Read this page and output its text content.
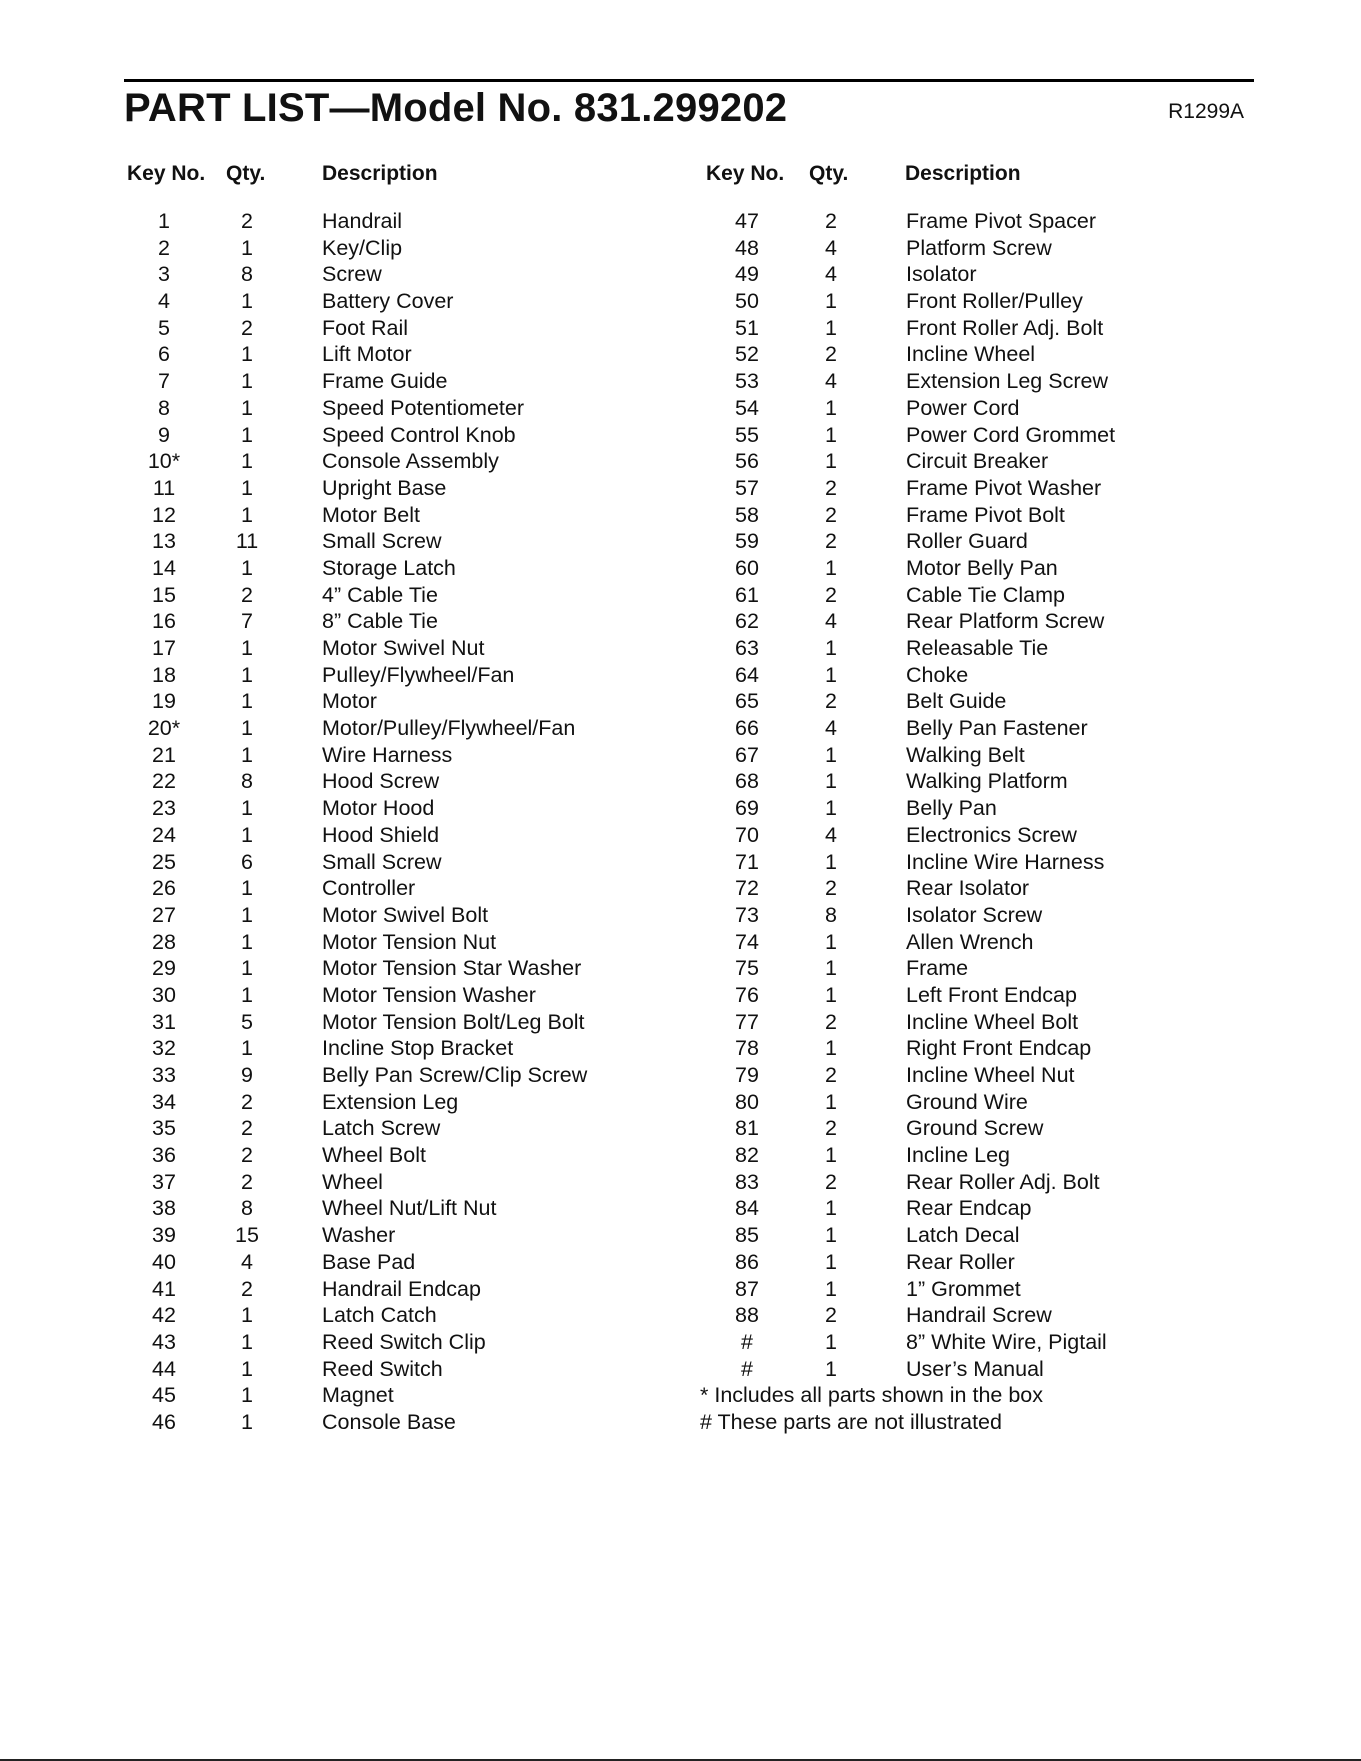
PART LIST—Model No. 831.299202	R1299A
Key No. Qty.	Description
1	2	Handrail
2	1	Key/Clip
3	8	Screw
4	1	Battery Cover
5	2	Foot Rail
6	1	Lift Motor
7	1	Frame Guide
8	1	Speed Potentiometer
9	1	Speed Control Knob
10*	1	Console Assembly
11	1	Upright Base
12	1	Motor Belt
13	11	Small Screw
14	1	Storage Latch
15	2	4” Cable Tie
16	7	8” Cable Tie
17	1	Motor Swivel Nut
18	1	Pulley/Flywheel/Fan
19	1	Motor
20*	1	Motor/Pulley/Flywheel/Fan
21	1	Wire Harness
22	8	Hood Screw
23	1	Motor Hood
24	1	Hood Shield
25	6	Small Screw
26	1	Controller
27	1	Motor Swivel Bolt
28	1	Motor Tension Nut
29	1	Motor Tension Star Washer
30	1	Motor Tension Washer
31	5	Motor Tension Bolt/Leg Bolt
32	1	Incline Stop Bracket
33	9	Belly Pan Screw/Clip Screw
34	2	Extension Leg
35	2	Latch Screw
36	2	Wheel Bolt
37	2	Wheel
38	8	Wheel Nut/Lift Nut
39	15	Washer
40	4	Base Pad
41	2	Handrail Endcap
42	1	Latch Catch
43	1	Reed Switch Clip
44	1	Reed Switch
45	1	Magnet
46	1	Console Base
Key No. Qty.	Description
47	2	Frame Pivot Spacer
48	4	Platform Screw
49	4	Isolator
50	1	Front Roller/Pulley
51	1	Front Roller Adj. Bolt
52	2	Incline Wheel
53	4	Extension Leg Screw
54	1	Power Cord
55	1	Power Cord Grommet
56	1	Circuit Breaker
57	2	Frame Pivot Washer
58	2	Frame Pivot Bolt
59	2	Roller Guard
60	1	Motor Belly Pan
61	2	Cable Tie Clamp
62	4	Rear Platform Screw
63	1	Releasable Tie
64	1	Choke
65	2	Belt Guide
66	4	Belly Pan Fastener
67	1	Walking Belt
68	1	Walking Platform
69	1	Belly Pan
70	4	Electronics Screw
71	1	Incline Wire Harness
72	2	Rear Isolator
73	8	Isolator Screw
74	1	Allen Wrench
75	1	Frame
76	1	Left Front Endcap
77	2	Incline Wheel Bolt
78	1	Right Front Endcap
79	2	Incline Wheel Nut
80	1	Ground Wire
81	2	Ground Screw
82	1	Incline Leg
83	2	Rear Roller Adj. Bolt
84	1	Rear Endcap
85	1	Latch Decal
86	1	Rear Roller
87	1	1” Grommet
88	2	Handrail Screw
#	1	8” White Wire, Pigtail
#	1	User’s Manual
* Includes all parts shown in the box
# These parts are not illustrated
